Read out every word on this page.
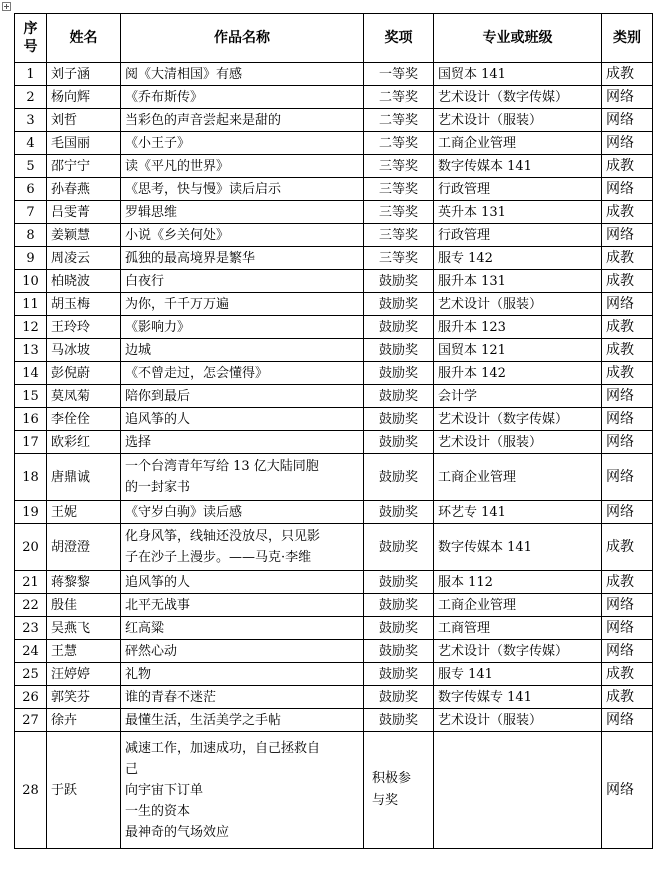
序号	姓名	作品名称	奖项	专业或班级	类别
1	刘子涵	阅《大清相国》有感	一等奖	国贸本 141	成教
2	杨向辉	《乔布斯传》	二等奖	艺术设计（数字传媒）	网络
3	刘哲	当彩色的声音尝起来是甜的	二等奖	艺术设计（服装）	网络
4	毛国丽	《小王子》	二等奖	工商企业管理	网络
5	邵宁宁	读《平凡的世界》	三等奖	数字传媒本 141	成教
6	孙春燕	《思考，快与慢》读后启示	三等奖	行政管理	网络
7	吕雯菁	罗辑思维	三等奖	英升本 131	成教
8	姜颖慧	小说《乡关何处》	三等奖	行政管理	网络
9	周凌云	孤独的最高境界是繁华	三等奖	服专 142	成教
10	柏晓波	白夜行	鼓励奖	服升本 131	成教
11	胡玉梅	为你，千千万万遍	鼓励奖	艺术设计（服装）	网络
12	王玲玲	《影响力》	鼓励奖	服升本 123	成教
13	马冰坡	边城	鼓励奖	国贸本 121	成教
14	彭倪蔚	《不曾走过，怎会懂得》	鼓励奖	服升本 142	成教
15	莫凤菊	陪你到最后	鼓励奖	会计学	网络
16	李佺佺	追风筝的人	鼓励奖	艺术设计（数字传媒）	网络
17	欧彩红	选择	鼓励奖	艺术设计（服装）	网络
18	唐鼎诚	一个台湾青年写给 13 亿大陆同胞
的一封家书	鼓励奖	工商企业管理	网络
19	王妮	《守岁白驹》读后感	鼓励奖	环艺专 141	网络
20	胡澄澄	化身风筝，线轴还没放尽，只见影
子在沙子上漫步。——马克·李维	鼓励奖	数字传媒本 141	成教
21	蒋黎黎	追风筝的人	鼓励奖	服本 112	成教
22	殷佳	北平无战事	鼓励奖	工商企业管理	网络
23	吴燕飞	红高粱	鼓励奖	工商管理	网络
24	王慧	砰然心动	鼓励奖	艺术设计（数字传媒）	网络
25	汪婷婷	礼物	鼓励奖	服专 141	成教
26	郭笑芬	谁的青春不迷茫	鼓励奖	数字传媒专 141	成教
27	徐卉	最懂生活，生活美学之手帖	鼓励奖	艺术设计（服装）	网络
28	于跃	减速工作，加速成功，自己拯救自
己
向宇宙下订单
一生的资本
最神奇的气场效应	积极参
与奖		网络
